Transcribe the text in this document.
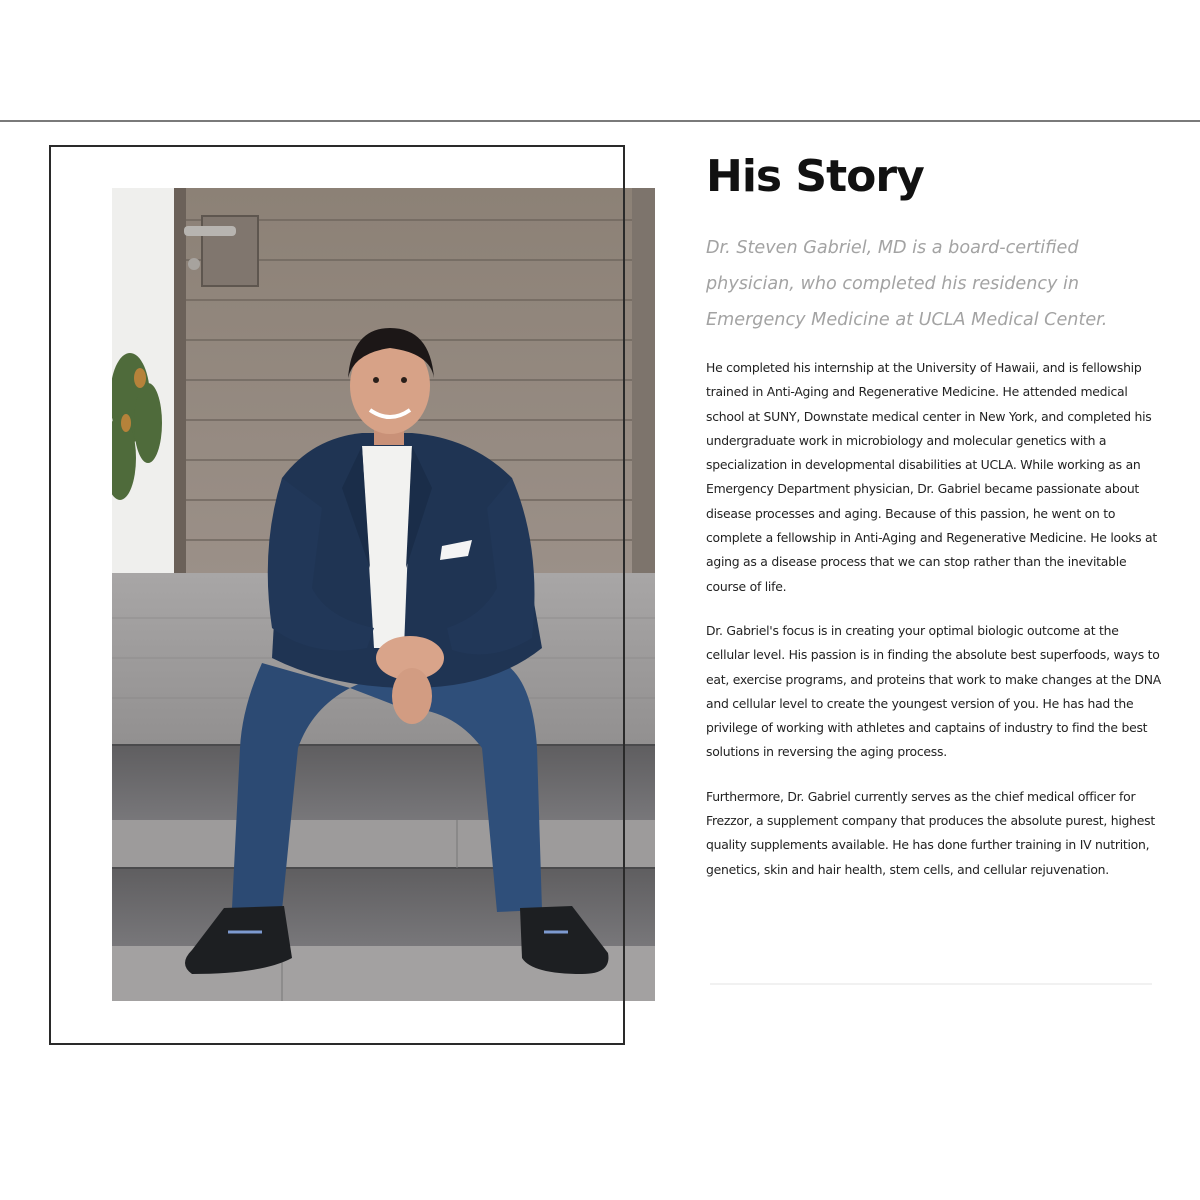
His Story

Dr. Steven Gabriel, MD is a board-certified physician, who completed his residency in Emergency Medicine at UCLA Medical Center.

He completed his internship at the University of Hawaii, and is fellowship trained in Anti-Aging and Regenerative Medicine. He attended medical school at SUNY, Downstate medical center in New York, and completed his undergraduate work in microbiology and molecular genetics with a specialization in developmental disabilities at UCLA. While working as an Emergency Department physician, Dr. Gabriel became passionate about disease processes and aging. Because of this passion, he went on to complete a fellowship in Anti-Aging and Regenerative Medicine. He looks at aging as a disease process that we can stop rather than the inevitable course of life.

Dr. Gabriel's focus is in creating your optimal biologic outcome at the cellular level. His passion is in finding the absolute best superfoods, ways to eat, exercise programs, and proteins that work to make changes at the DNA and cellular level to create the youngest version of you. He has had the privilege of working with athletes and captains of industry to find the best solutions in reversing the aging process.

Furthermore, Dr. Gabriel currently serves as the chief medical officer for Frezzor, a supplement company that produces the absolute purest, highest quality supplements available. He has done further training in IV nutrition, genetics, skin and hair health, stem cells, and cellular rejuvenation.
